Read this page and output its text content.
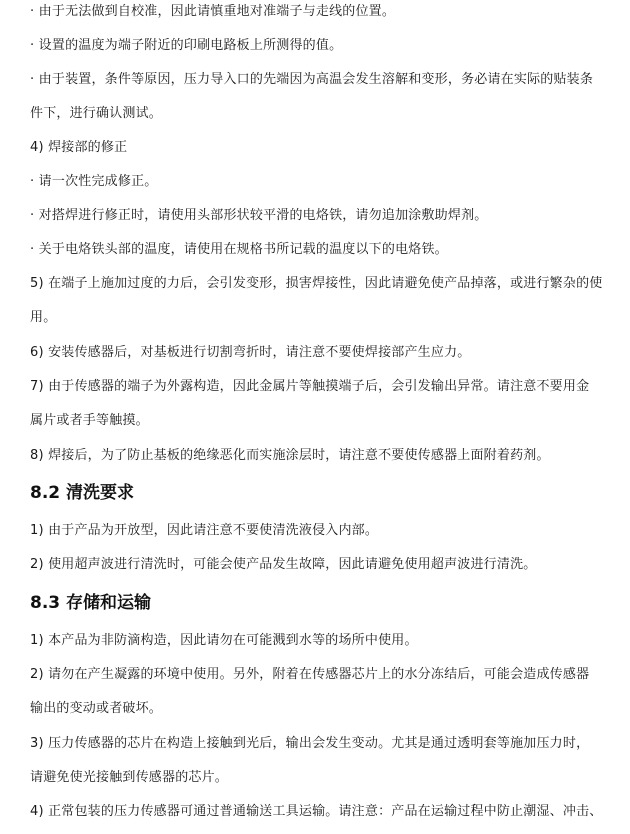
· 由于无法做到自校准，因此请慎重地对准端子与走线的位置。
· 设置的温度为端子附近的印刷电路板上所测得的值。
· 由于装置，条件等原因，压力导入口的先端因为高温会发生溶解和变形，务必请在实际的贴装条
件下，进行确认测试。
4) 焊接部的修正
· 请一次性完成修正。
· 对搭焊进行修正时，请使用头部形状较平滑的电烙铁，请勿追加涂敷助焊剂。
· 关于电烙铁头部的温度，请使用在规格书所记载的温度以下的电烙铁。
5) 在端子上施加过度的力后，会引发变形，损害焊接性，因此请避免使产品掉落，或进行繁杂的使
用。
6) 安装传感器后，对基板进行切割弯折时，请注意不要使焊接部产生应力。
7) 由于传感器的端子为外露构造，因此金属片等触摸端子后，会引发输出异常。请注意不要用金
属片或者手等触摸。
8) 焊接后，为了防止基板的绝缘恶化而实施涂层时，请注意不要使传感器上面附着药剂。
8.2 清洗要求
1) 由于产品为开放型，因此请注意不要使清洗液侵入内部。
2) 使用超声波进行清洗时，可能会使产品发生故障，因此请避免使用超声波进行清洗。
8.3 存储和运输
1) 本产品为非防滴构造，因此请勿在可能溅到水等的场所中使用。
2) 请勿在产生凝露的环境中使用。另外，附着在传感器芯片上的水分冻结后，可能会造成传感器
输出的变动或者破坏。
3) 压力传感器的芯片在构造上接触到光后，输出会发生变动。尤其是通过透明套等施加压力时，
请避免使光接触到传感器的芯片。
4) 正常包装的压力传感器可通过普通输送工具运输。请注意：产品在运输过程中防止潮湿、冲击、
